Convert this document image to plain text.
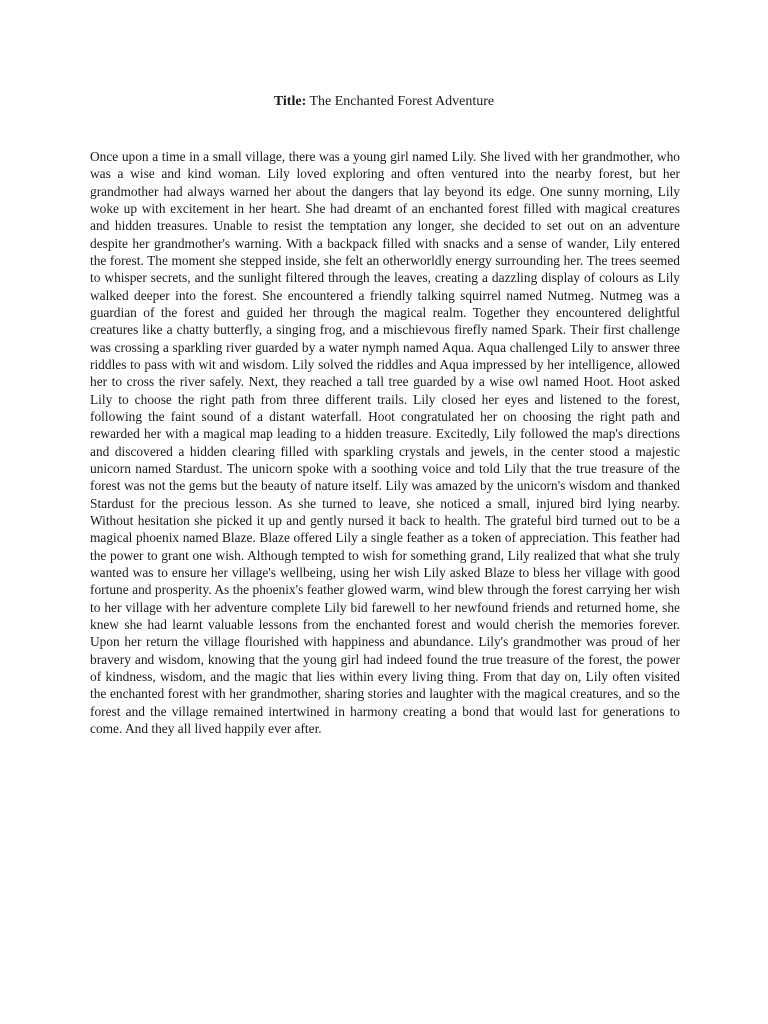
Title: The Enchanted Forest Adventure

Once upon a time in a small village, there was a young girl named Lily. She lived with her grandmother, who was a wise and kind woman. Lily loved exploring and often ventured into the nearby forest, but her grandmother had always warned her about the dangers that lay beyond its edge. One sunny morning, Lily woke up with excitement in her heart. She had dreamt of an enchanted forest filled with magical creatures and hidden treasures. Unable to resist the temptation any longer, she decided to set out on an adventure despite her grandmother's warning. With a backpack filled with snacks and a sense of wander, Lily entered the forest. The moment she stepped inside, she felt an otherworldly energy surrounding her. The trees seemed to whisper secrets, and the sunlight filtered through the leaves, creating a dazzling display of colours as Lily walked deeper into the forest. She encountered a friendly talking squirrel named Nutmeg. Nutmeg was a guardian of the forest and guided her through the magical realm. Together they encountered delightful creatures like a chatty butterfly, a singing frog, and a mischievous firefly named Spark. Their first challenge was crossing a sparkling river guarded by a water nymph named Aqua. Aqua challenged Lily to answer three riddles to pass with wit and wisdom. Lily solved the riddles and Aqua impressed by her intelligence, allowed her to cross the river safely. Next, they reached a tall tree guarded by a wise owl named Hoot. Hoot asked Lily to choose the right path from three different trails. Lily closed her eyes and listened to the forest, following the faint sound of a distant waterfall. Hoot congratulated her on choosing the right path and rewarded her with a magical map leading to a hidden treasure. Excitedly, Lily followed the map's directions and discovered a hidden clearing filled with sparkling crystals and jewels, in the center stood a majestic unicorn named Stardust. The unicorn spoke with a soothing voice and told Lily that the true treasure of the forest was not the gems but the beauty of nature itself. Lily was amazed by the unicorn's wisdom and thanked Stardust for the precious lesson. As she turned to leave, she noticed a small, injured bird lying nearby. Without hesitation she picked it up and gently nursed it back to health. The grateful bird turned out to be a magical phoenix named Blaze. Blaze offered Lily a single feather as a token of appreciation. This feather had the power to grant one wish. Although tempted to wish for something grand, Lily realized that what she truly wanted was to ensure her village's wellbeing, using her wish Lily asked Blaze to bless her village with good fortune and prosperity. As the phoenix's feather glowed warm, wind blew through the forest carrying her wish to her village with her adventure complete Lily bid farewell to her newfound friends and returned home, she knew she had learnt valuable lessons from the enchanted forest and would cherish the memories forever. Upon her return the village flourished with happiness and abundance. Lily's grandmother was proud of her bravery and wisdom, knowing that the young girl had indeed found the true treasure of the forest, the power of kindness, wisdom, and the magic that lies within every living thing. From that day on, Lily often visited the enchanted forest with her grandmother, sharing stories and laughter with the magical creatures, and so the forest and the village remained intertwined in harmony creating a bond that would last for generations to come. And they all lived happily ever after.
